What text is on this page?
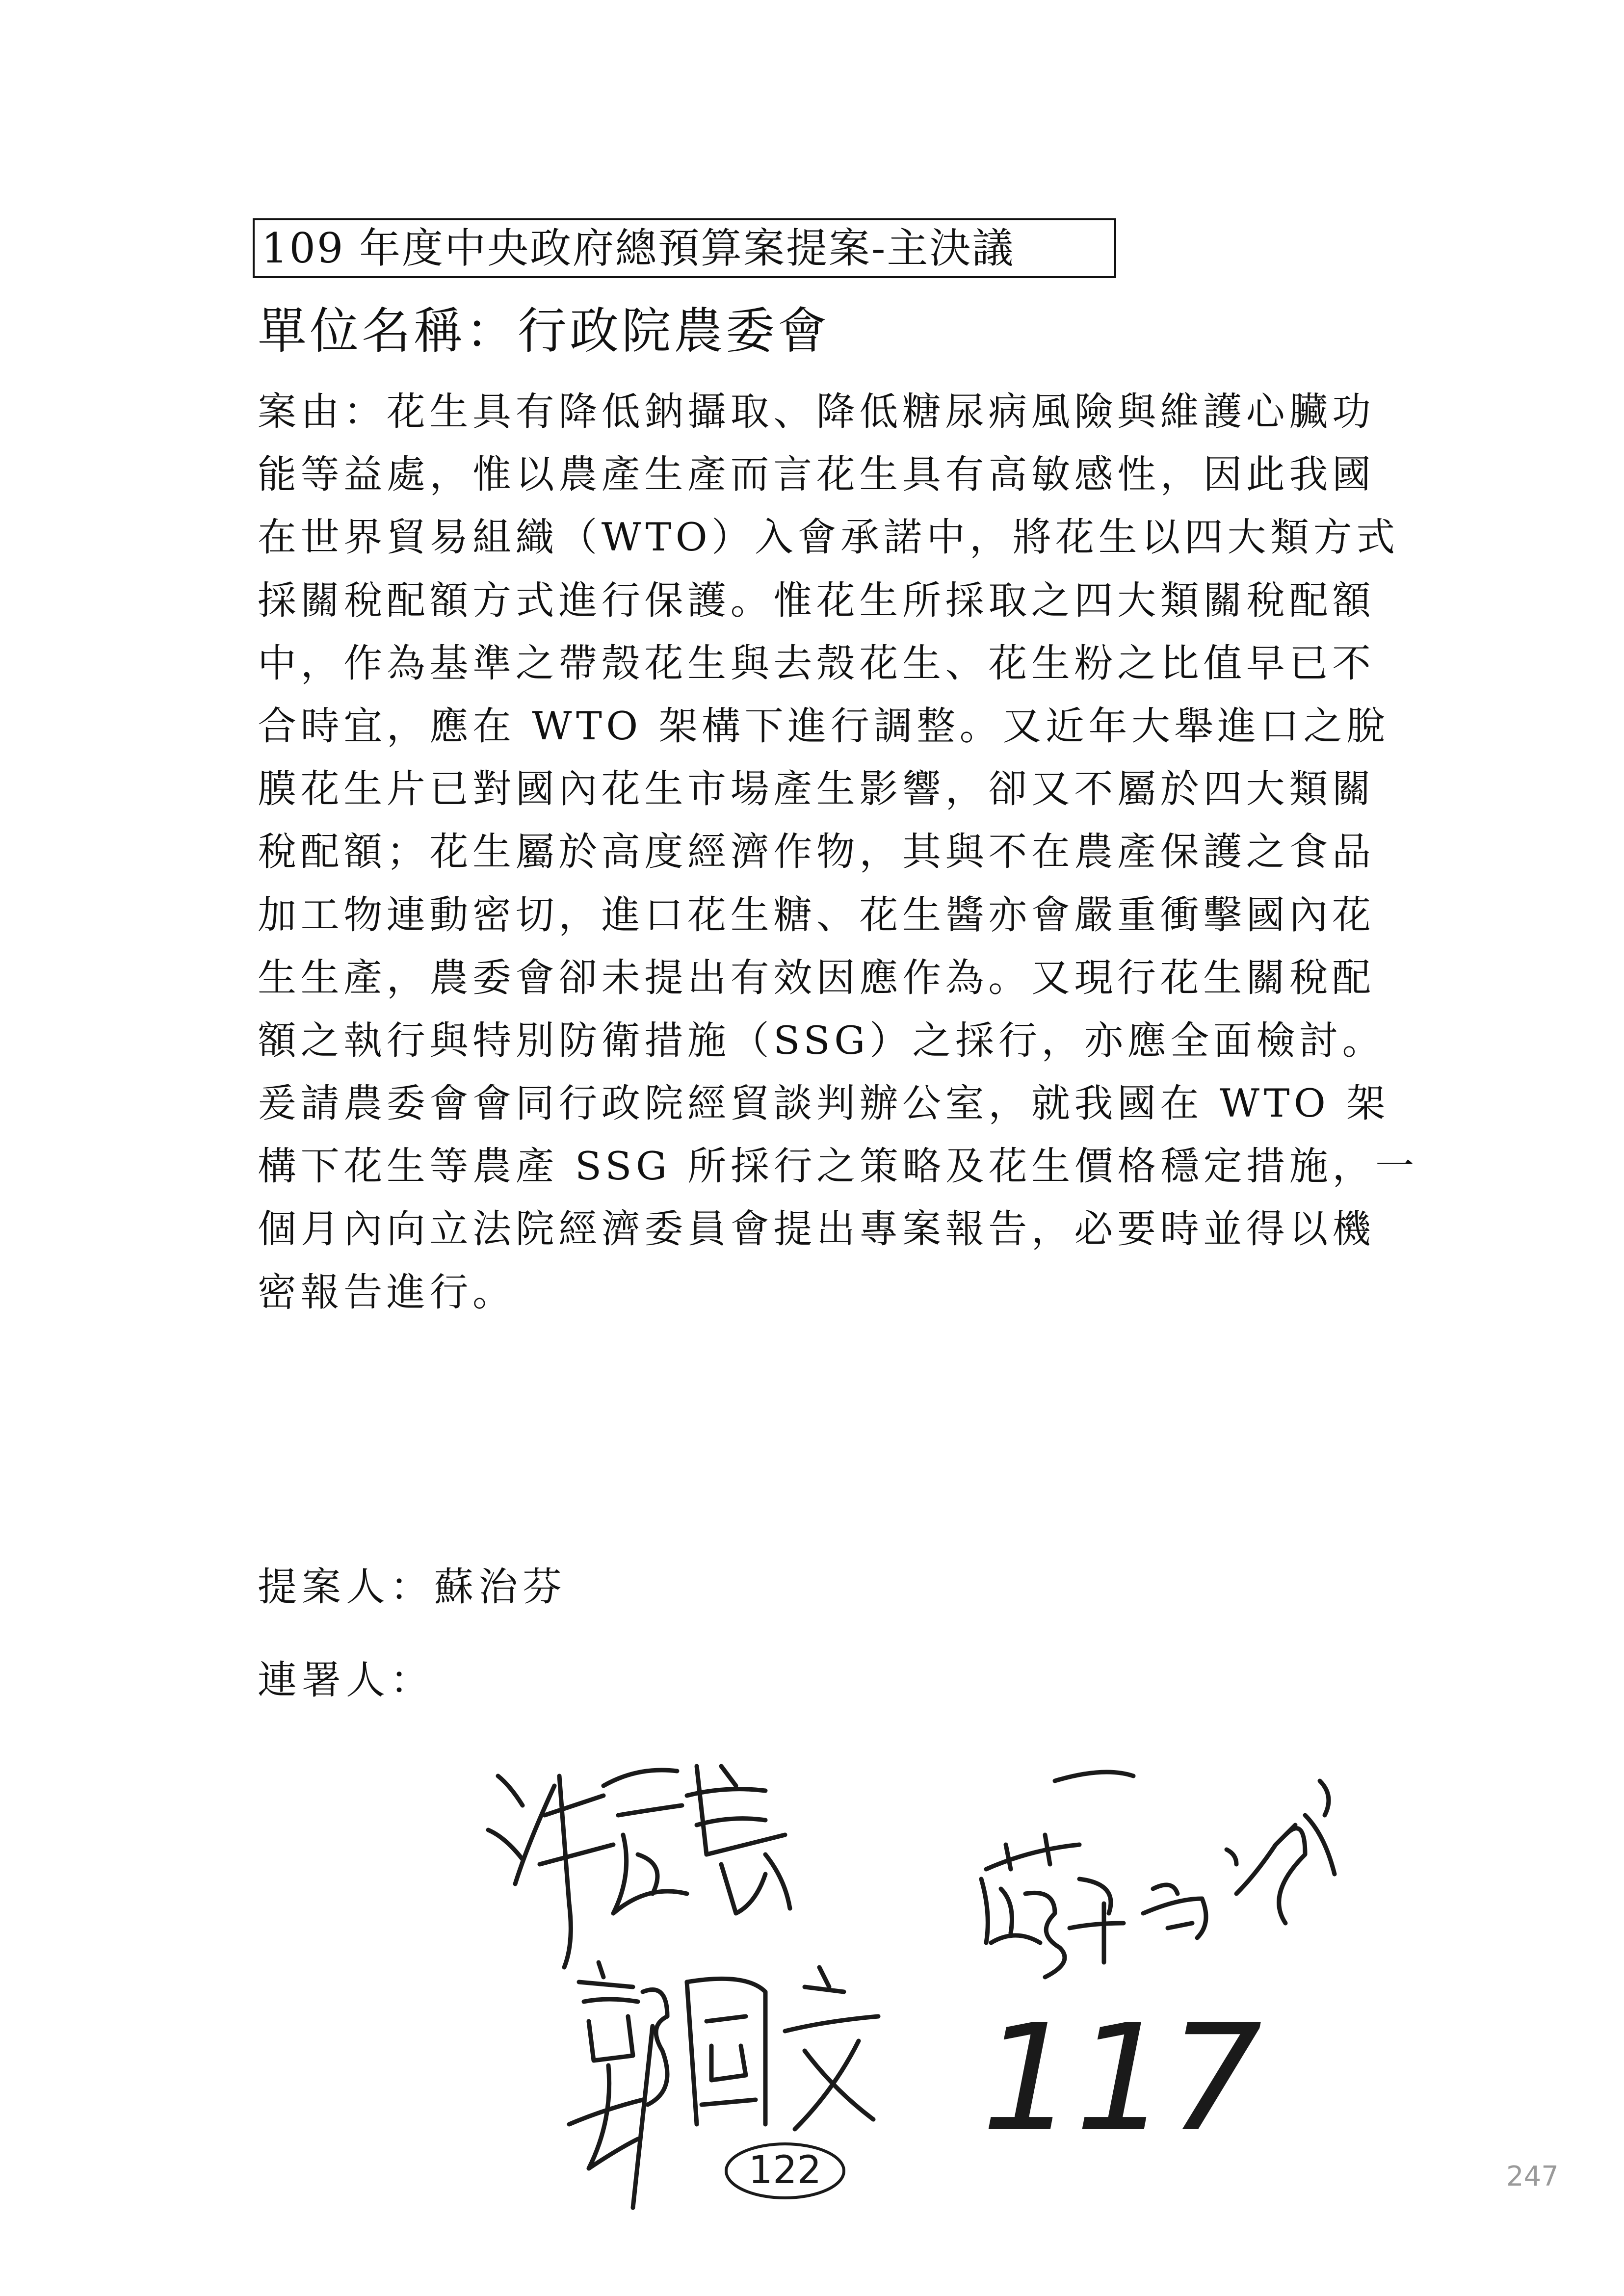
109 年度中央政府總預算案提案-主決議
單位名稱：行政院農委會
案由：花生具有降低鈉攝取、降低糖尿病風險與維護心臟功
能等益處，惟以農產生產而言花生具有高敏感性，因此我國
在世界貿易組織（WTO）入會承諾中，將花生以四大類方式
採關稅配額方式進行保護。惟花生所採取之四大類關稅配額
中，作為基準之帶殼花生與去殼花生、花生粉之比值早已不
合時宜，應在 WTO 架構下進行調整。又近年大舉進口之脫
膜花生片已對國內花生市場產生影響，卻又不屬於四大類關
稅配額；花生屬於高度經濟作物，其與不在農產保護之食品
加工物連動密切，進口花生糖、花生醬亦會嚴重衝擊國內花
生生產，農委會卻未提出有效因應作為。又現行花生關稅配
額之執行與特別防衛措施（SSG）之採行，亦應全面檢討。
爰請農委會會同行政院經貿談判辦公室，就我國在 WTO 架
構下花生等農產 SSG 所採行之策略及花生價格穩定措施，一
個月內向立法院經濟委員會提出專案報告，必要時並得以機
密報告進行。
提案人：蘇治芬
連署人：
122
117
247
